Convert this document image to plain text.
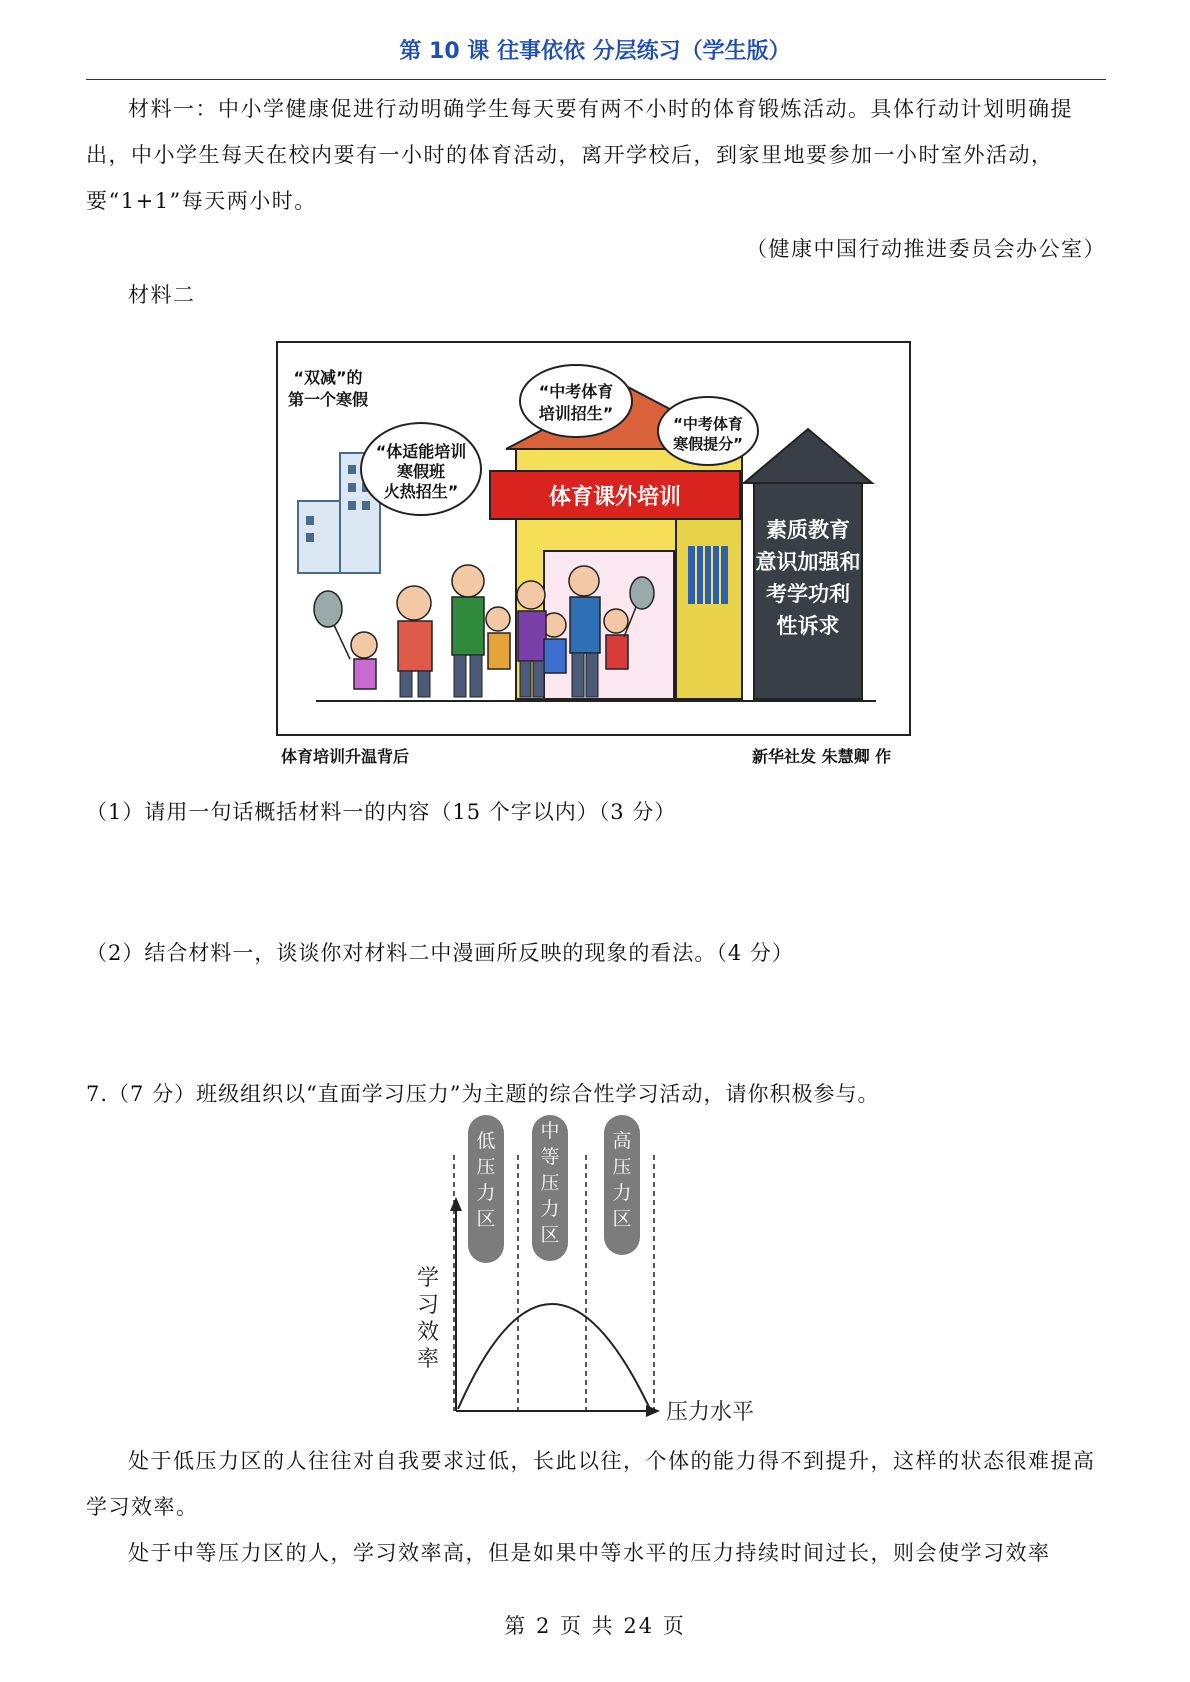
第 10 课 往事依依 分层练习（学生版）
材料一：中小学健康促进行动明确学生每天要有两不小时的体育锻炼活动。具体行动计划明确提出，中小学生每天在校内要有一小时的体育活动，离开学校后，到家里地要参加一小时室外活动，要“1+1”每天两小时。
（健康中国行动推进委员会办公室）
材料二
体育课外培训
素质教育
意识加强和
考学功利
性诉求
“双减”的
第一个寒假
“体适能培训
寒假班
火热招生”
“中考体育
培训招生”
“中考体育
寒假提分”
体育培训升温背后	新华社发 朱慧卿 作
（1）请用一句话概括材料一的内容（15 个字以内）（3 分）
（2）结合材料一，谈谈你对材料二中漫画所反映的现象的看法。（4 分）
7.（7 分）班级组织以“直面学习压力”为主题的综合性学习活动，请你积极参与。
低压力区
中等压力区
高压力区
学习效率
压力水平
处于低压力区的人往往对自我要求过低，长此以往，个体的能力得不到提升，这样的状态很难提高学习效率。
处于中等压力区的人，学习效率高，但是如果中等水平的压力持续时间过长，则会使学习效率
第 2 页 共 24 页
